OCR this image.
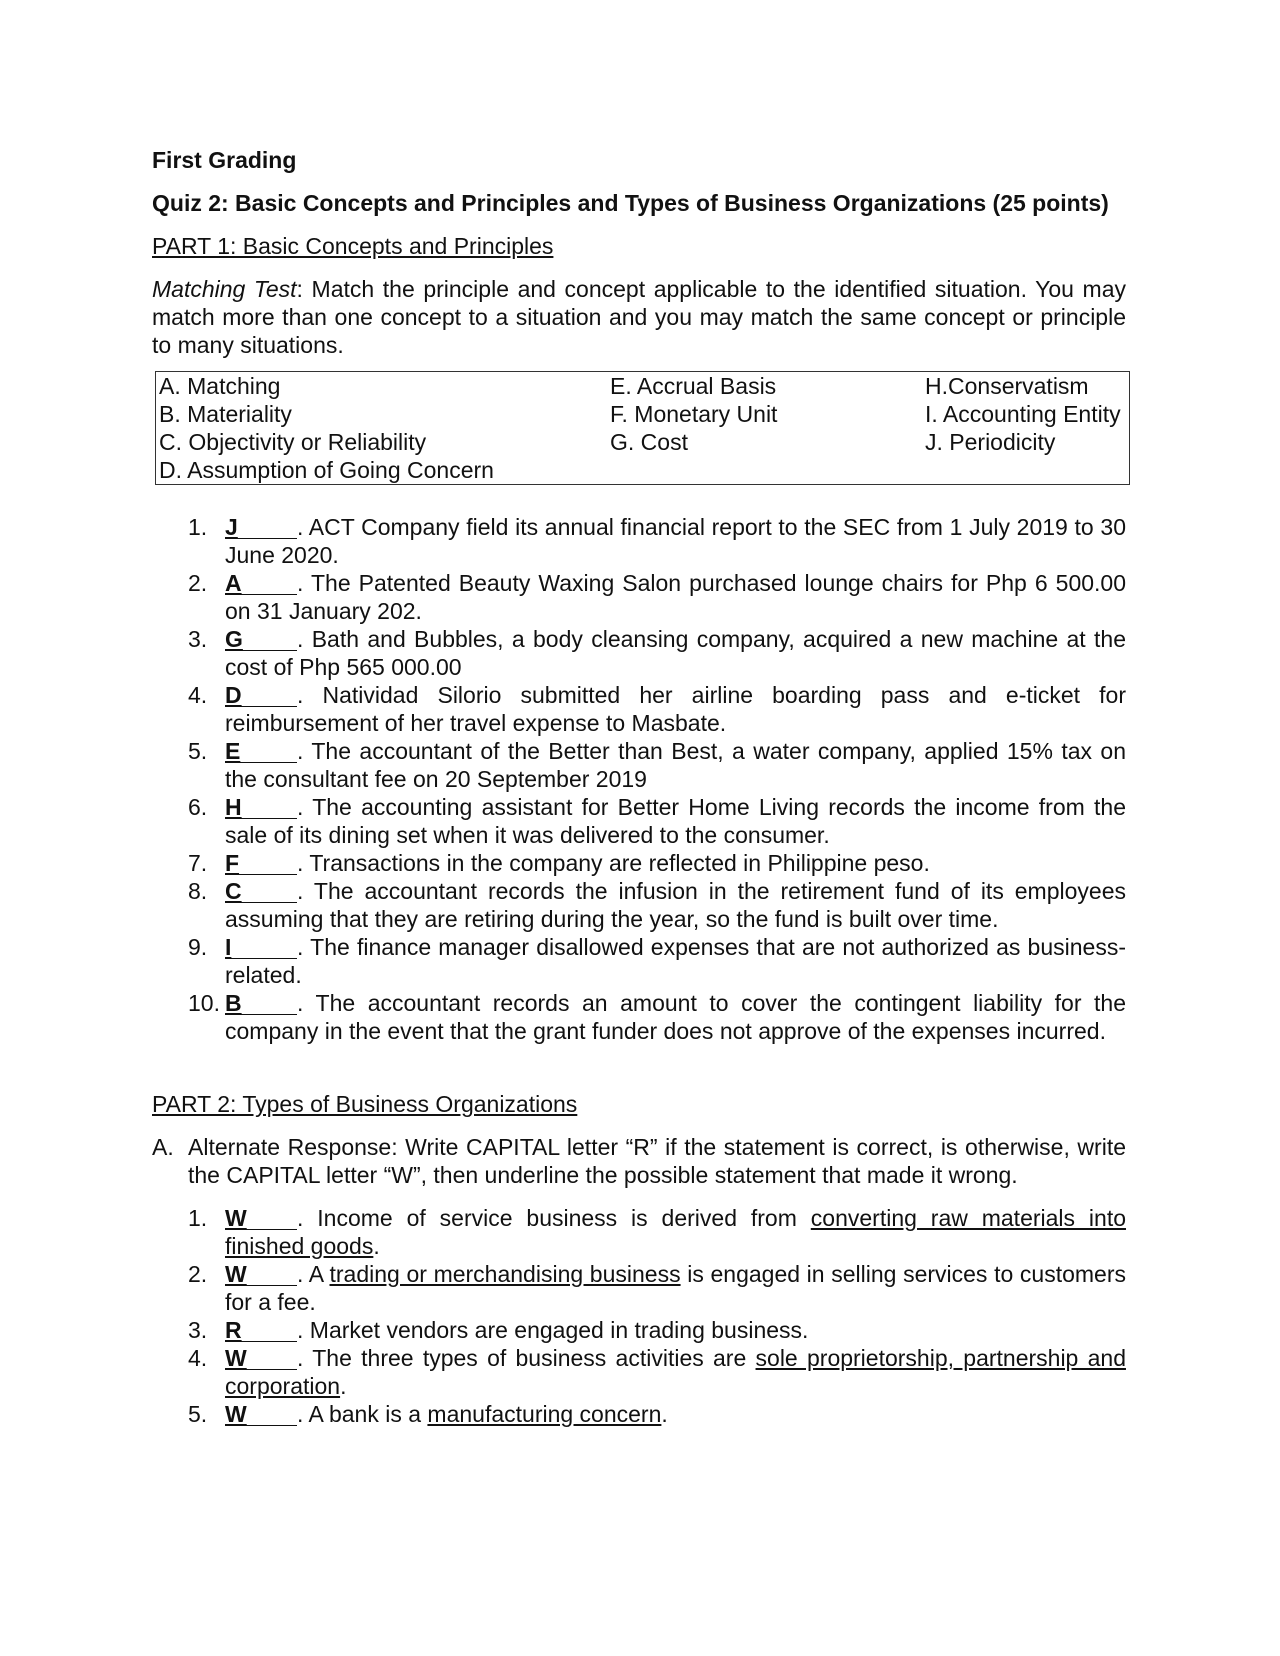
First Grading

Quiz 2: Basic Concepts and Principles and Types of Business Organizations (25 points)

PART 1: Basic Concepts and Principles

Matching Test: Match the principle and concept applicable to the identified situation. You may match more than one concept to a situation and you may match the same concept or principle to many situations.

A. Matching	E. Accrual Basis	H.Conservatism
B. Materiality	F. Monetary Unit	I. Accounting Entity
C. Objectivity or Reliability	G. Cost	J. Periodicity
D. Assumption of Going Concern		
1. J	. ACT Company field its annual financial report to the SEC from 1 July 2019 to 30 June 2020.
2. A . The Patented Beauty Waxing Salon purchased lounge chairs for Php 6 500.00 on 31 January 202.
3. G . Bath and Bubbles, a body cleansing company, acquired a new machine at the cost of Php 565 000.00
4. D . Natividad Silorio submitted her airline boarding pass and e-ticket for reimbursement of her travel expense to Masbate.
5. E . The accountant of the Better than Best, a water company, applied 15% tax on the consultant fee on 20 September 2019
6. H . The accounting assistant for Better Home Living records the income from the sale of its dining set when it was delivered to the consumer.
7. F	. Transactions in the company are reflected in Philippine peso.
8. C . The accountant records the infusion in the retirement fund of its employees assuming that they are retiring during the year, so the fund is built over time.
9. I	. The finance manager disallowed expenses that are not authorized as business-related.
10. B . The accountant records an amount to cover the contingent liability for the company in the event that the grant funder does not approve of the expenses incurred.

PART 2: Types of Business Organizations

A. Alternate Response: Write CAPITAL letter “R” if the statement is correct, is otherwise, write the CAPITAL letter “W”, then underline the possible statement that made it wrong.

1. W . Income of service business is derived from converting raw materials into finished goods.
2. W . A trading or merchandising business is engaged in selling services to customers for a fee.
3. R . Market vendors are engaged in trading business.
4. W . The three types of business activities are sole proprietorship, partnership and corporation.
5. W . A bank is a manufacturing concern.
